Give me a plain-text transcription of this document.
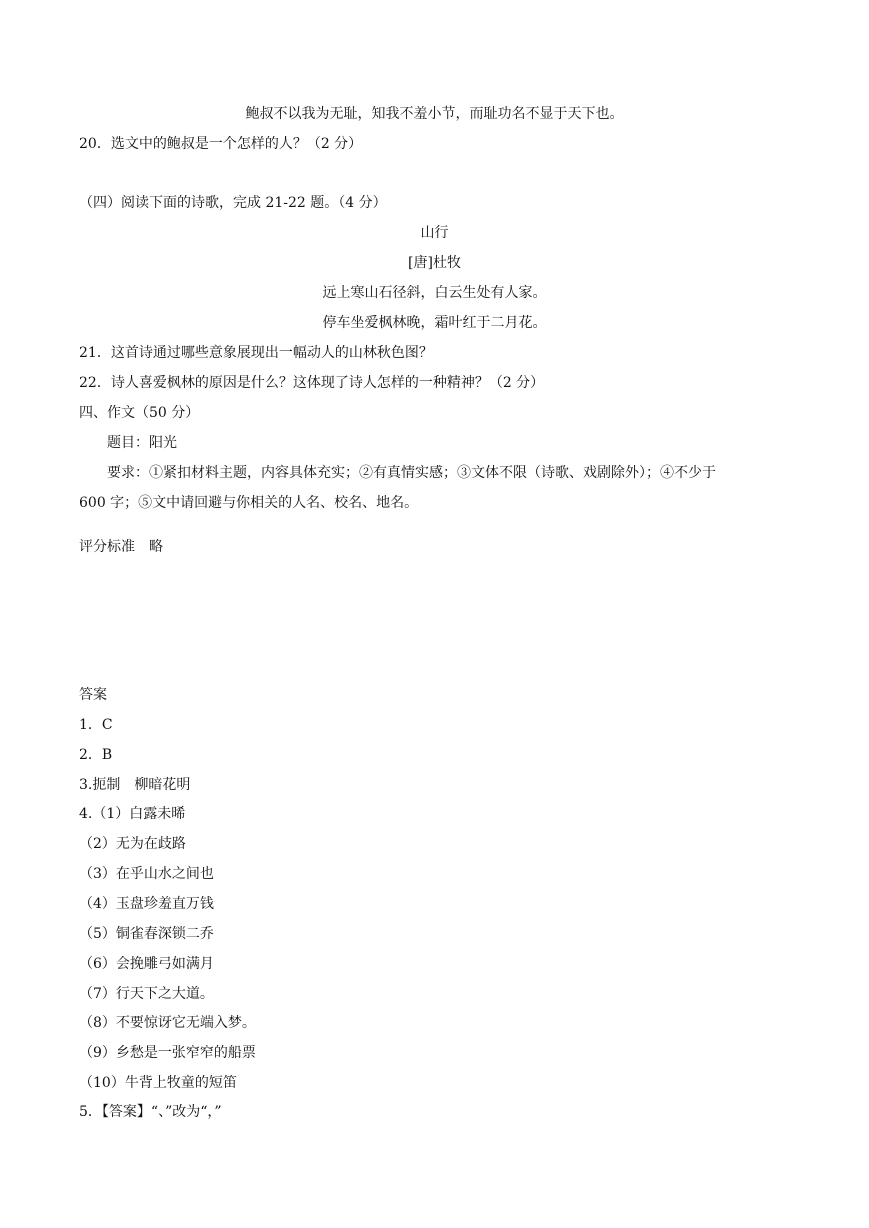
鲍叔不以我为无耻，知我不羞小节，而耻功名不显于天下也。
20．选文中的鲍叔是一个怎样的人？（2 分）
（四）阅读下面的诗歌，完成 21-22 题。（4 分）
山行
[唐]杜牧
远上寒山石径斜，白云生处有人家。
停车坐爱枫林晚，霜叶红于二月花。
21．这首诗通过哪些意象展现出一幅动人的山林秋色图？
22．诗人喜爱枫林的原因是什么？这体现了诗人怎样的一种精神？（2 分）
四、作文（50 分）
题目：阳光
要求：①紧扣材料主题，内容具体充实；②有真情实感；③文体不限（诗歌、戏剧除外）；④不少于
600 字；⑤文中请回避与你相关的人名、校名、地名。
评分标准　略
答案
1．C
2．B
3.扼制　柳暗花明
4.（1）白露未晞
（2）无为在歧路
（3）在乎山水之间也
（4）玉盘珍羞直万钱
（5）铜雀春深锁二乔
（6）会挽雕弓如满月
（7）行天下之大道。
（8）不要惊讶它无端入梦。
（9）乡愁是一张窄窄的船票
（10）牛背上牧童的短笛
5．【答案】“、”改为“，”
